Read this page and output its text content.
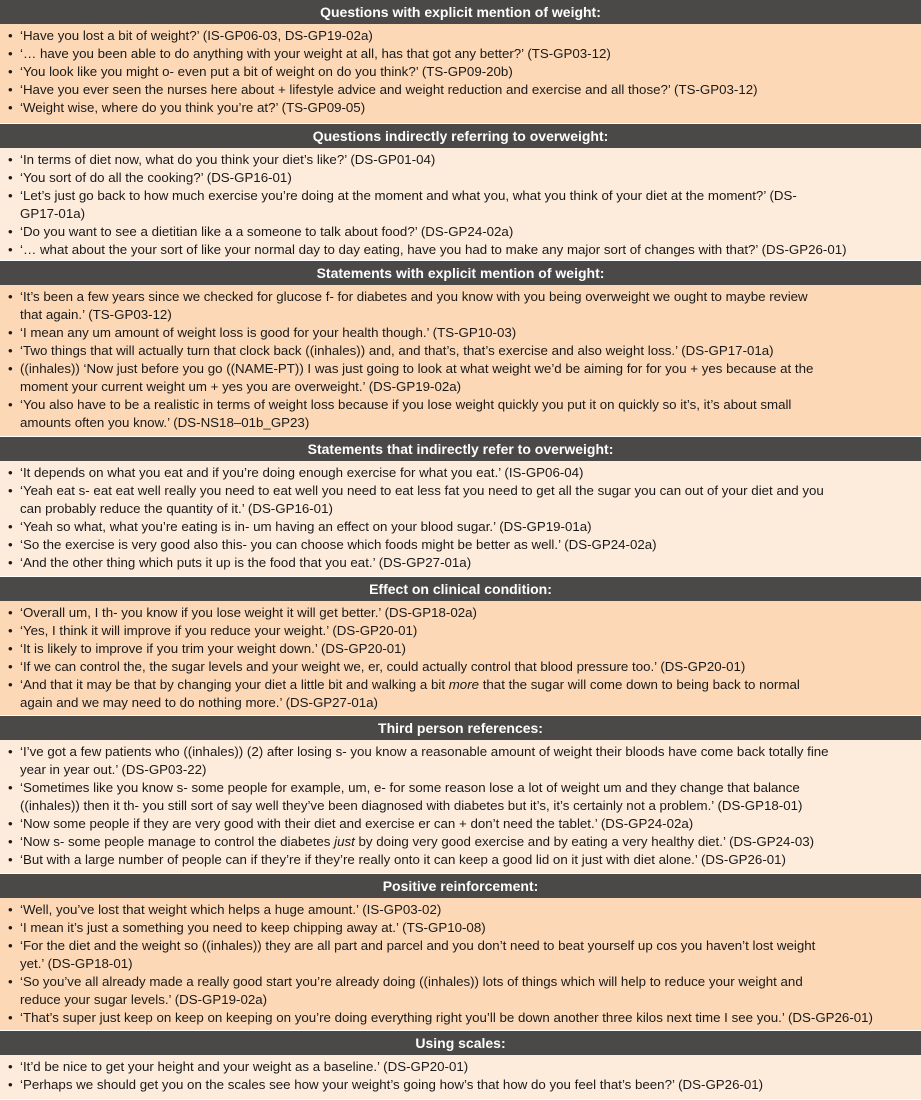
Questions with explicit mention of weight:
• ‘Have you lost a bit of weight?’ (IS-GP06-03, DS-GP19-02a)
• ‘… have you been able to do anything with your weight at all, has that got any better?’ (TS-GP03-12)
• ‘You look like you might o- even put a bit of weight on do you think?’ (TS-GP09-20b)
• ‘Have you ever seen the nurses here about + lifestyle advice and weight reduction and exercise and all those?’ (TS-GP03-12)
• ‘Weight wise, where do you think you’re at?’ (TS-GP09-05)
Questions indirectly referring to overweight:
• ‘In terms of diet now, what do you think your diet’s like?’ (DS-GP01-04)
• ‘You sort of do all the cooking?’ (DS-GP16-01)
• ‘Let’s just go back to how much exercise you’re doing at the moment and what you, what you think of your diet at the moment?’ (DS-
GP17-01a)
• ‘Do you want to see a dietitian like a a someone to talk about food?’ (DS-GP24-02a)
• ‘… what about the your sort of like your normal day to day eating, have you had to make any major sort of changes with that?’ (DS-GP26-01)
Statements with explicit mention of weight:
• ‘It’s been a few years since we checked for glucose f- for diabetes and you know with you being overweight we ought to maybe review
that again.’ (TS-GP03-12)
• ‘I mean any um amount of weight loss is good for your health though.’ (TS-GP10-03)
• ‘Two things that will actually turn that clock back ((inhales)) and, and that’s, that’s exercise and also weight loss.’ (DS-GP17-01a)
• ((inhales)) ‘Now just before you go ((NAME-PT)) I was just going to look at what weight we’d be aiming for for you + yes because at the
moment your current weight um + yes you are overweight.’ (DS-GP19-02a)
• ‘You also have to be a realistic in terms of weight loss because if you lose weight quickly you put it on quickly so it’s, it’s about small
amounts often you know.’ (DS-NS18–01b_GP23)
Statements that indirectly refer to overweight:
• ‘It depends on what you eat and if you’re doing enough exercise for what you eat.’ (IS-GP06-04)
• ‘Yeah eat s- eat eat well really you need to eat well you need to eat less fat you need to get all the sugar you can out of your diet and you
can probably reduce the quantity of it.’ (DS-GP16-01)
• ‘Yeah so what, what you’re eating is in- um having an effect on your blood sugar.’ (DS-GP19-01a)
• ‘So the exercise is very good also this- you can choose which foods might be better as well.’ (DS-GP24-02a)
• ‘And the other thing which puts it up is the food that you eat.’ (DS-GP27-01a)
Effect on clinical condition:
• ‘Overall um, I th- you know if you lose weight it will get better.’ (DS-GP18-02a)
• ‘Yes, I think it will improve if you reduce your weight.’ (DS-GP20-01)
• ‘It is likely to improve if you trim your weight down.’ (DS-GP20-01)
• ‘If we can control the, the sugar levels and your weight we, er, could actually control that blood pressure too.’ (DS-GP20-01)
• ‘And that it may be that by changing your diet a little bit and walking a bit more that the sugar will come down to being back to normal
again and we may need to do nothing more.’ (DS-GP27-01a)
Third person references:
• ‘I’ve got a few patients who ((inhales)) (2) after losing s- you know a reasonable amount of weight their bloods have come back totally fine
year in year out.’ (DS-GP03-22)
• ‘Sometimes like you know s- some people for example, um, e- for some reason lose a lot of weight um and they change that balance
((inhales)) then it th- you still sort of say well they’ve been diagnosed with diabetes but it’s, it’s certainly not a problem.’ (DS-GP18-01)
• ‘Now some people if they are very good with their diet and exercise er can + don’t need the tablet.’ (DS-GP24-02a)
• ‘Now s- some people manage to control the diabetes just by doing very good exercise and by eating a very healthy diet.’ (DS-GP24-03)
• ‘But with a large number of people can if they’re if they’re really onto it can keep a good lid on it just with diet alone.’ (DS-GP26-01)
Positive reinforcement:
• ‘Well, you’ve lost that weight which helps a huge amount.’ (IS-GP03-02)
• ‘I mean it’s just a something you need to keep chipping away at.’ (TS-GP10-08)
• ‘For the diet and the weight so ((inhales)) they are all part and parcel and you don’t need to beat yourself up cos you haven’t lost weight
yet.’ (DS-GP18-01)
• ‘So you’ve all already made a really good start you’re already doing ((inhales)) lots of things which will help to reduce your weight and
reduce your sugar levels.’ (DS-GP19-02a)
• ‘That’s super just keep on keep on keeping on you’re doing everything right you’ll be down another three kilos next time I see you.’ (DS-GP26-01)
Using scales:
• ‘It’d be nice to get your height and your weight as a baseline.’ (DS-GP20-01)
• ‘Perhaps we should get you on the scales see how your weight’s going how’s that how do you feel that’s been?’ (DS-GP26-01)
